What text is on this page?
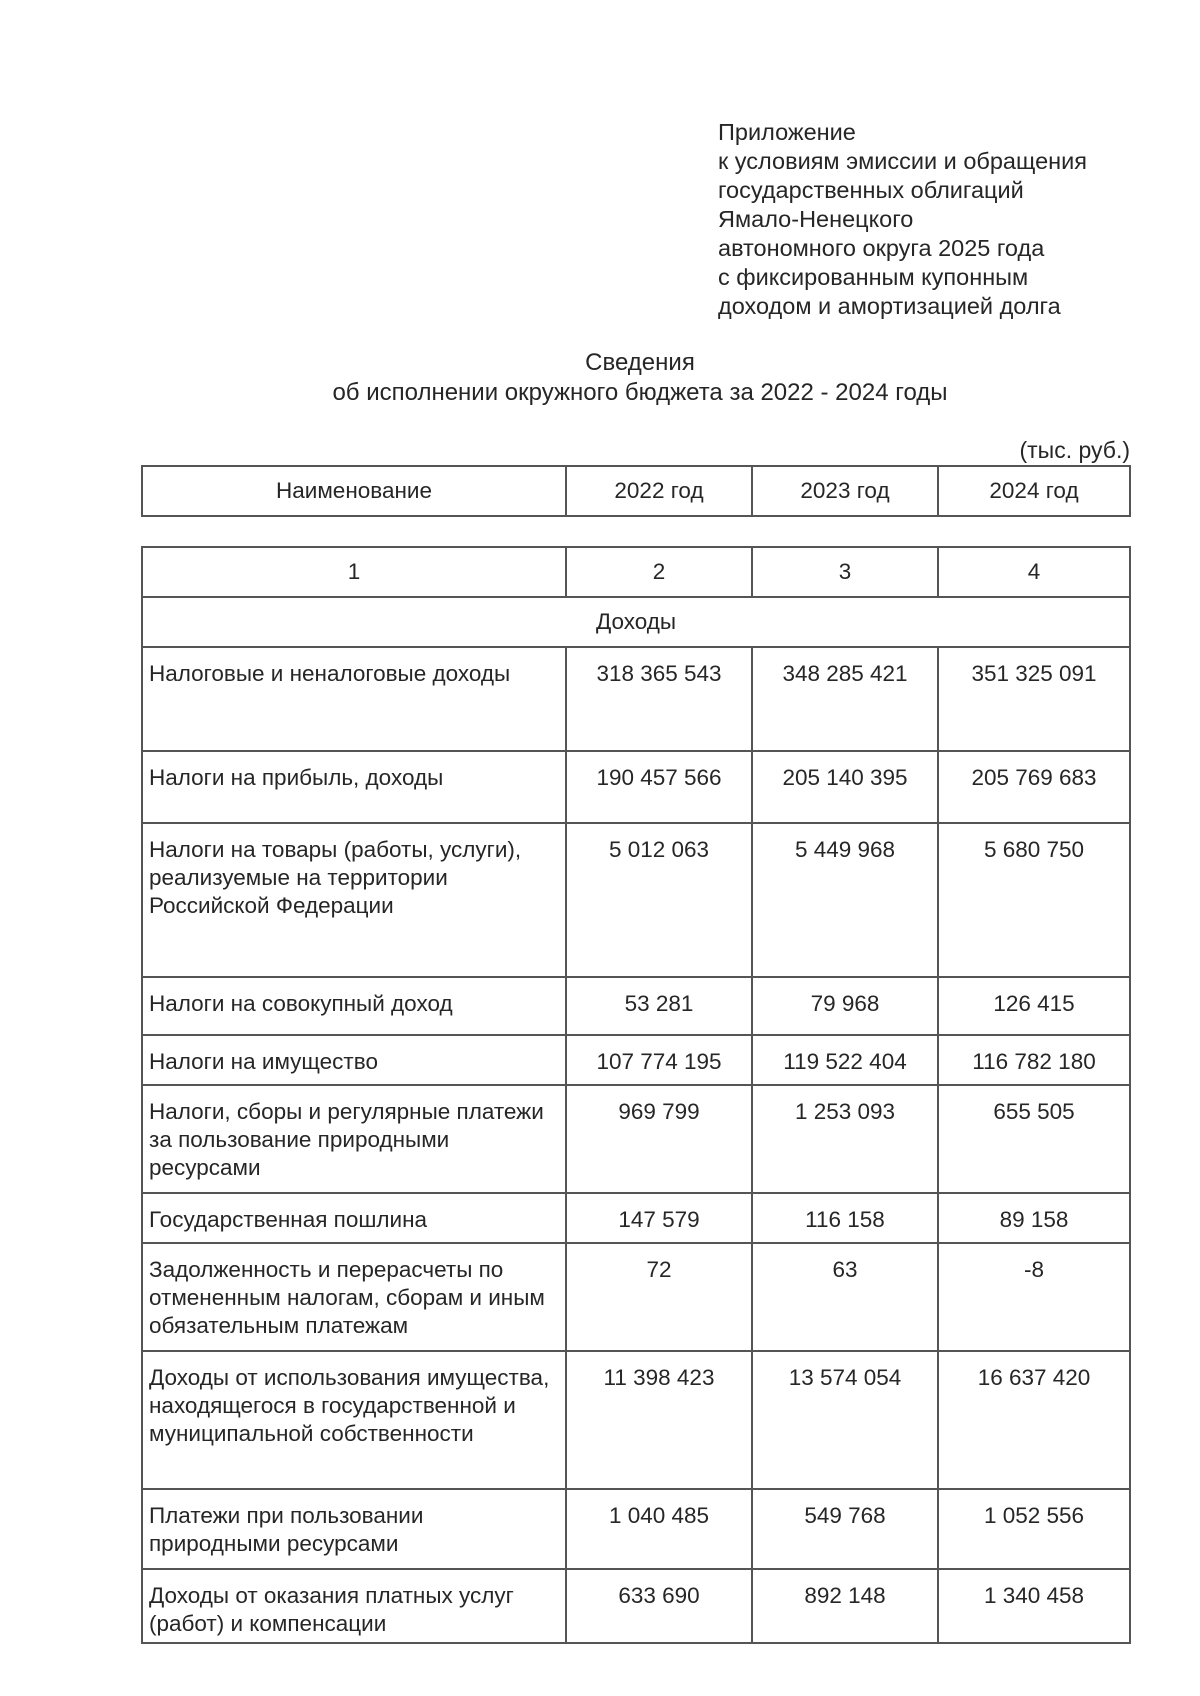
Приложение
к условиям эмиссии и обращения
государственных облигаций
Ямало-Ненецкого
автономного округа 2025 года
с фиксированным купонным
доходом и амортизацией долга
Сведения
об исполнении окружного бюджета за 2022 - 2024 годы
(тыс. руб.)
Наименование	2022 год	2023 год	2024 год
1	2	3	4
Доходы			
Налоговые и неналоговые доходы	318 365 543	348 285 421	351 325 091
Налоги на прибыль, доходы	190 457 566	205 140 395	205 769 683
Налоги на товары (работы, услуги), реализуемые на территории Российской Федерации	5 012 063	5 449 968	5 680 750
Налоги на совокупный доход	53 281	79 968	126 415
Налоги на имущество	107 774 195	119 522 404	116 782 180
Налоги, сборы и регулярные платежи за пользование природными ресурсами	969 799	1 253 093	655 505
Государственная пошлина	147 579	116 158	89 158
Задолженность и перерасчеты по отмененным налогам, сборам и иным обязательным платежам	72	63	-8
Доходы от использования имущества, находящегося в государственной и муниципальной собственности	11 398 423	13 574 054	16 637 420
Платежи при пользовании природными ресурсами	1 040 485	549 768	1 052 556
Доходы от оказания платных услуг (работ) и компенсации	633 690	892 148	1 340 458
